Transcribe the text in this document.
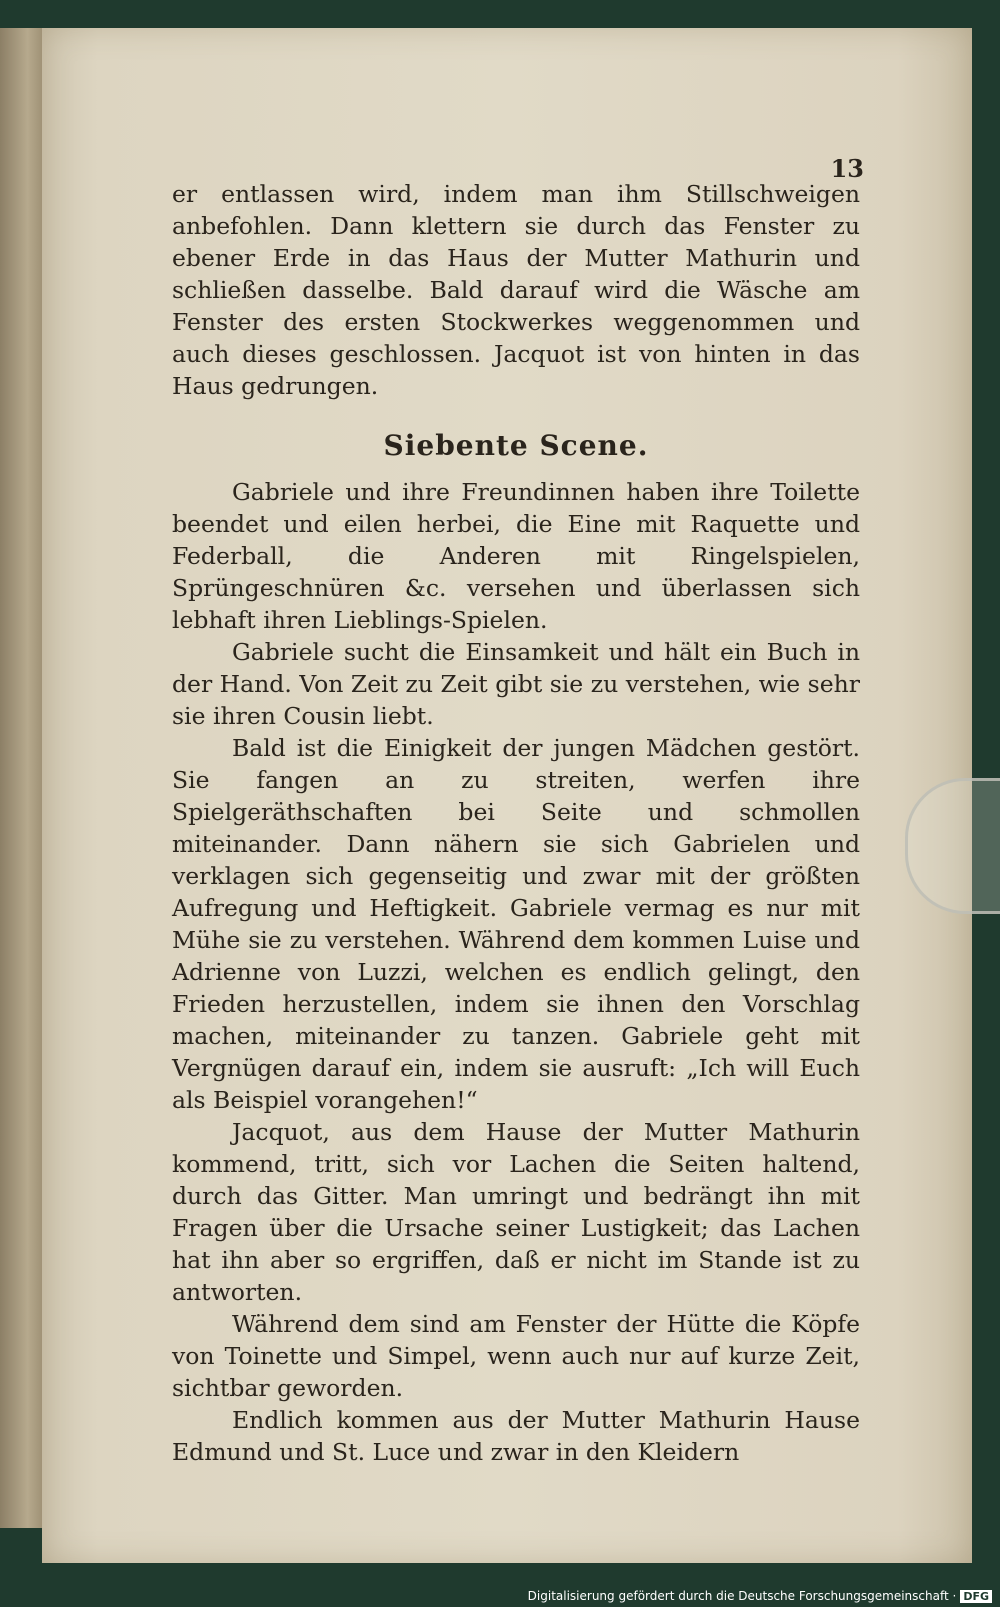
13

er entlassen wird, indem man ihm Stillschweigen anbefohlen. Dann klettern sie durch das Fenster zu ebener Erde in das Haus der Mutter Mathurin und schließen dasselbe. Bald darauf wird die Wäsche am Fenster des ersten Stockwerkes weggenommen und auch dieses geschlossen. Jacquot ist von hinten in das Haus gedrungen.

Siebente Scene.

Gabriele und ihre Freundinnen haben ihre Toilette beendet und eilen herbei, die Eine mit Raquette und Federball, die Anderen mit Ringelspielen, Sprüngeschnüren &c. versehen und überlassen sich lebhaft ihren Lieblings-Spielen.

Gabriele sucht die Einsamkeit und hält ein Buch in der Hand. Von Zeit zu Zeit gibt sie zu verstehen, wie sehr sie ihren Cousin liebt.

Bald ist die Einigkeit der jungen Mädchen gestört. Sie fangen an zu streiten, werfen ihre Spielgeräthschaften bei Seite und schmollen miteinander. Dann nähern sie sich Gabrielen und verklagen sich gegenseitig und zwar mit der größten Aufregung und Heftigkeit. Gabriele vermag es nur mit Mühe sie zu verstehen. Während dem kommen Luise und Adrienne von Luzzi, welchen es endlich gelingt, den Frieden herzustellen, indem sie ihnen den Vorschlag machen, miteinander zu tanzen. Gabriele geht mit Vergnügen darauf ein, indem sie ausruft: „Ich will Euch als Beispiel vorangehen!“

Jacquot, aus dem Hause der Mutter Mathurin kommend, tritt, sich vor Lachen die Seiten haltend, durch das Gitter. Man umringt und bedrängt ihn mit Fragen über die Ursache seiner Lustigkeit; das Lachen hat ihn aber so ergriffen, daß er nicht im Stande ist zu antworten.

Während dem sind am Fenster der Hütte die Köpfe von Toinette und Simpel, wenn auch nur auf kurze Zeit, sichtbar geworden.

Endlich kommen aus der Mutter Mathurin Hause Edmund und St. Luce und zwar in den Kleidern

Digitalisierung gefördert durch die Deutsche Forschungsgemeinschaft · DFG
